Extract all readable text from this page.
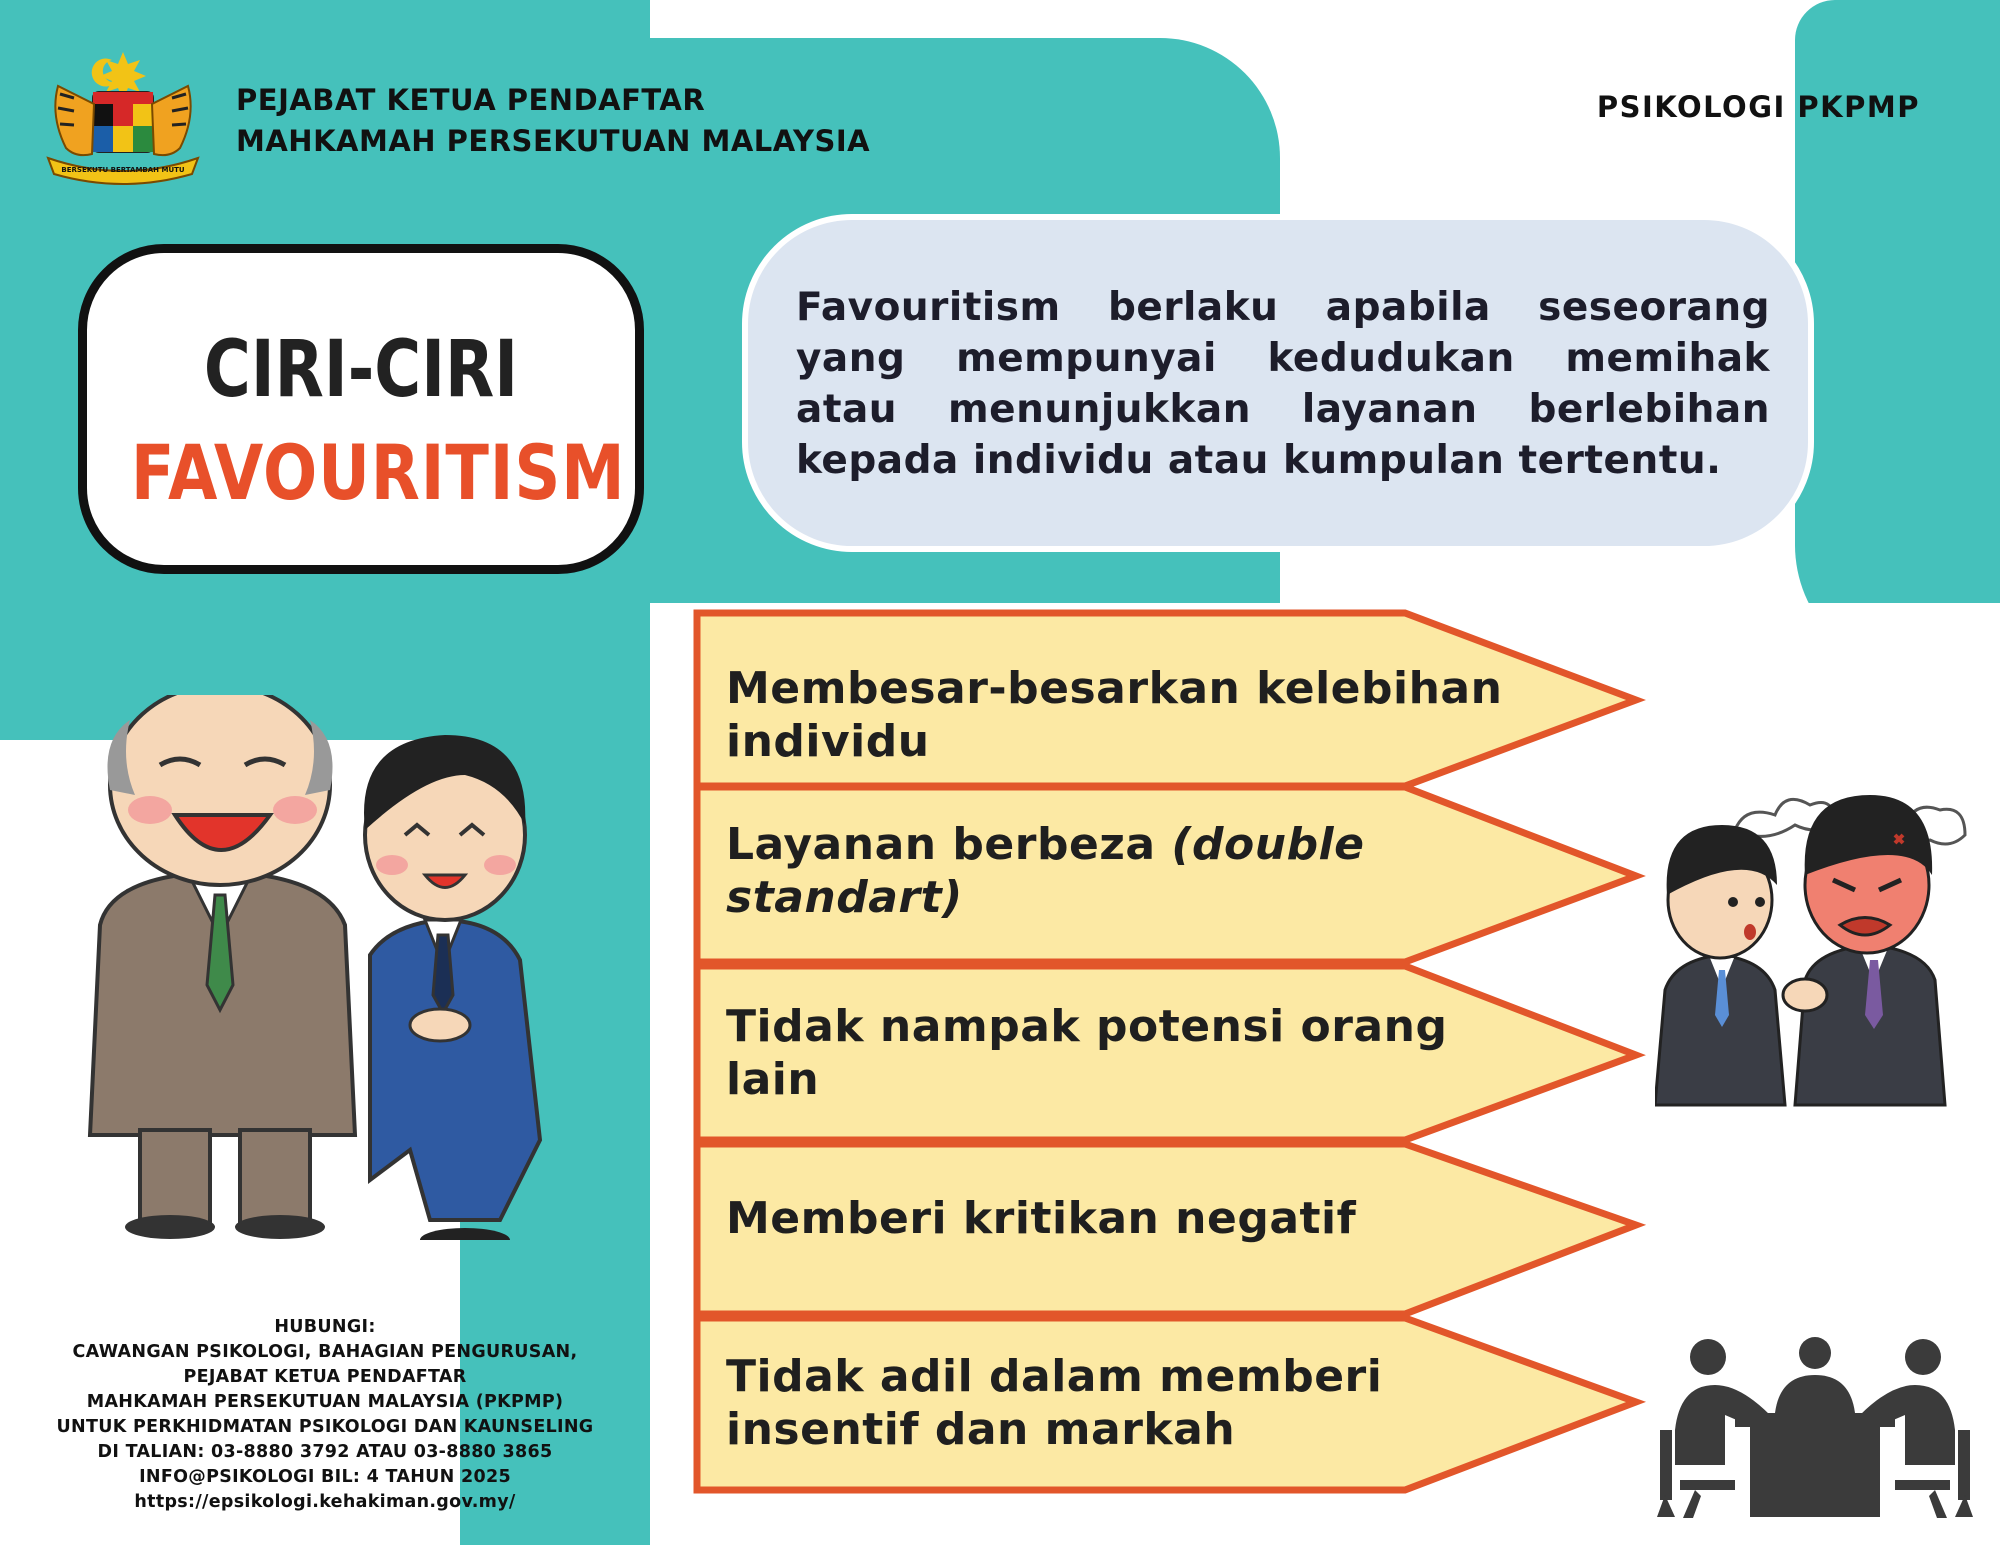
BERSEKUTU BERTAMBAH MUTU
PEJABAT KETUA PENDAFTAR
MAHKAMAH PERSEKUTUAN MALAYSIA
PSIKOLOGI PKPMP
CIRI-CIRI
FAVOURITISM
Favouritism berlaku apabila seseorang yang mempunyai kedudukan memihak atau menunjukkan layanan berlebihan kepada individu atau kumpulan tertentu.
Membesar-besarkan kelebihan
individu
Layanan berbeza (double
standart)
Tidak nampak potensi orang
lain
Memberi kritikan negatif
Tidak adil dalam memberi
insentif dan markah
HUBUNGI:
CAWANGAN PSIKOLOGI, BAHAGIAN PENGURUSAN,
PEJABAT KETUA PENDAFTAR
MAHKAMAH PERSEKUTUAN MALAYSIA (PKPMP)
UNTUK PERKHIDMATAN PSIKOLOGI DAN KAUNSELING
DI TALIAN: 03-8880 3792 ATAU 03-8880 3865
INFO@PSIKOLOGI BIL: 4 TAHUN 2025
https://epsikologi.kehakiman.gov.my/
